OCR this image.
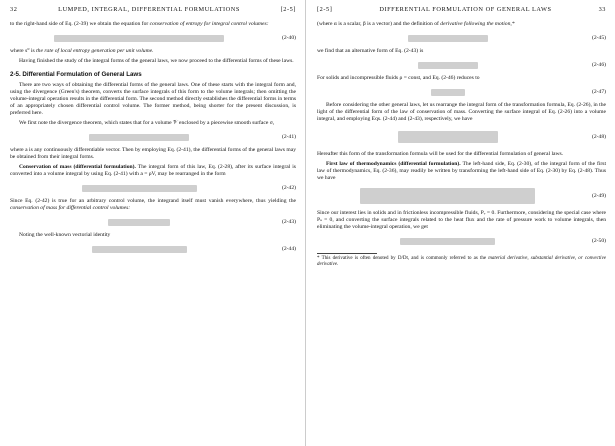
32	LUMPED, INTEGRAL, DIFFERENTIAL FORMULATIONS	[2-5]

to the right-hand side of Eq. (2-39) we obtain the equation for conservation of entropy for integral control volumes:

(2-40)

where s‴ is the rate of local entropy generation per unit volume.

Having finished the study of the integral forms of the general laws, we now proceed to the differential forms of these laws.

2-5. Differential Formulation of General Laws

There are two ways of obtaining the differential forms of the general laws. One of these starts with the integral form and, using the divergence (Green's) theorem, converts the surface integrals of this form to the volume integrals; then omitting the volume-integral operation results in the differential form. The second method directly establishes the differential forms in terms of an appropriately chosen differential control volume. The former method, being shorter for the present discussion, is preferred here.

We first note the divergence theorem, which states that for a volume 𝒱 enclosed by a piecewise smooth surface σ,

(2-41)

where a is any continuously differentiable vector. Then by employing Eq. (2-41), the differential forms of the general laws may be obtained from their integral forms.

Conservation of mass (differential formulation). The integral form of this law, Eq. (2-28), after its surface integral is converted into a volume integral by using Eq. (2-41) with a = ρV, may be rearranged in the form

(2-42)

Since Eq. (2-42) is true for an arbitrary control volume, the integrand itself must vanish everywhere, thus yielding the conservation of mass for differential control volumes:

(2-43)

Noting the well-known vectorial identity

(2-44)
[2-5]	DIFFERENTIAL FORMULATION OF GENERAL LAWS	33

(where α is a scalar, β is a vector) and the definition of derivative following the motion,*

(2-45)

we find that an alternative form of Eq. (2-43) is

(2-46)

For solids and incompressible fluids ρ = const, and Eq. (2-46) reduces to

(2-47)

Before considering the other general laws, let us rearrange the integral form of the transformation formula, Eq. (2-26), in the light of the differential form of the law of conservation of mass. Converting the surface integral of Eq. (2-26) into a volume integral, and employing Eqs. (2-44) and (2-43), respectively, we have

(2-48)

Hereafter this form of the transformation formula will be used for the differential formulation of general laws.

First law of thermodynamics (differential formulation). The left-hand side, Eq. (2-30), of the integral form of the first law of thermodynamics, Eq. (2-36), may readily be written by transforming the left-hand side of Eq. (2-30) by Eq. (2-48). Thus we have

(2-49)

Since our interest lies in solids and in frictionless incompressible fluids, Pᵥ = 0. Furthermore, considering the special case where Pₛ = 0, and converting the surface integrals related to the heat flux and the rate of pressure work to volume integrals, then eliminating the volume-integral operation, we get

(2-50)

* This derivative is often denoted by D/Dt, and is commonly referred to as the material derivative, substantial derivative, or convective derivative.
